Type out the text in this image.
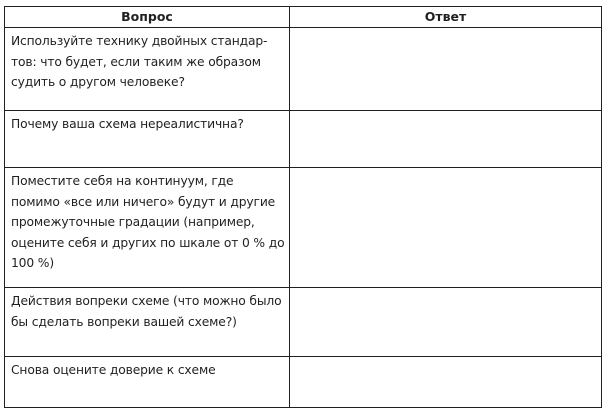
Вопрос	Ответ

Используйте технику двойных стандар-тов: что будет, если таким же образом судить о другом человеке?	

Почему ваша схема нереалистична?	

Поместите себя на континуум, где помимо «все или ничего» будут и другие промежуточные градации (например, оцените себя и других по шкале от 0 % до 100 %)	

Действия вопреки схеме (что можно было бы сделать вопреки вашей схеме?)	

Снова оцените доверие к схеме	
